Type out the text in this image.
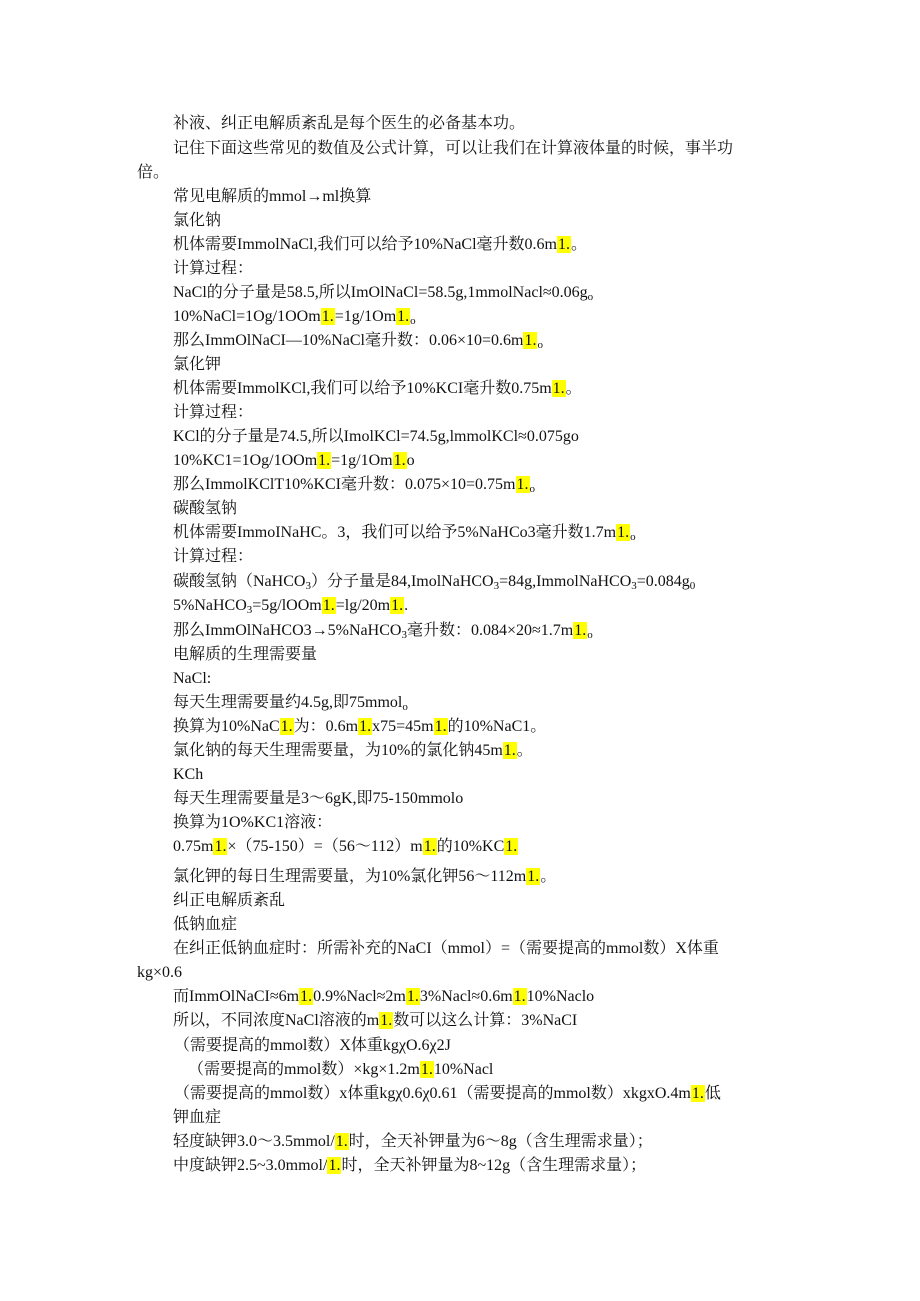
补液、纠正电解质紊乱是每个医生的必备基本功。
记住下面这些常见的数值及公式计算，可以让我们在计算液体量的时候，事半功
倍。
常见电解质的mmol→ml换算
氯化钠
机体需要ImmolNaCl,我们可以给予10%NaCl毫升数0.6m1.。
计算过程：
NaCl的分子量是58.5,所以$ImOlNaCl=58.5g,1mmolNacl\approx 0.06g_o$
$10\%NaCl=1Og/1OOm1.=1g/1Om1._o$
那么ImmOlNaCI—10%NaCl毫升数：$0.06\times 10=0.6m1._o$
氯化钾
机体需要ImmolKCl,我们可以给予10%KCI毫升数0.75m1.。
计算过程：
KCl的分子量是74.5,所以ImolKCl=74.5g,lmmolKCl≈0.075go
10%KC1=1Og/1OOm1.=1g/1Om1.o
那么ImmolKClT10%KCI毫升数：$0.075\times 10=0.75m1._o$
碳酸氢钠
机体需要ImmoINaHC。3，我们可以给予5%NaHCo3毫升数$1.7m1._o$
计算过程：
碳酸氢钠（NaHCO$_3$）分子量是$84,ImolNaHCO_3=84g,ImmolNaHCO_3=0.084g_0$
5%NaHCO$_3$=5g/lOOm1.=lg/20m1..
那么ImmOlNaHCO3→5%NaHCO$_3$毫升数：$0.084\times 20\approx 1.7m1._o$
电解质的生理需要量
NaCl:
每天生理需要量约4.5g,即75mmol$_o$
换算为10%NaC1.为：0.6m1.x75=45m1.的10%NaC1。
氯化钠的每天生理需要量，为10%的氯化钠45m1.。
KCh
每天生理需要量是3～6gK,即75-150mmolo
换算为1O%KC1溶液：
0.75m1.×（75-150）=（56～112）m1.的10%KC1.
氯化钾的每日生理需要量，为10%氯化钾56～112m1.。
纠正电解质紊乱
低钠血症
在纠正低钠血症时：所需补充的NaCI（mmol）=（需要提高的mmol数）X体重
kg×0.6
而ImmOlNaCI≈6m1.0.9%Nacl≈2m1.3%Nacl≈0.6m1.10%Naclo
所以，不同浓度NaCl溶液的m1.数可以这么计算：3%NaCI
（需要提高的mmol数）X体重kgχO.6χ2J
（需要提高的mmol数）×kg×1.2m1.10%Nacl
（需要提高的mmol数）x体重kgχ0.6χ0.61（需要提高的mmol数）xkgxO.4m1.低
钾血症
轻度缺钾3.0～3.5mmol/1.时，全天补钾量为6～8g（含生理需求量）；
中度缺钾2.5~3.0mmol/1.时，全天补钾量为8~12g（含生理需求量）；
